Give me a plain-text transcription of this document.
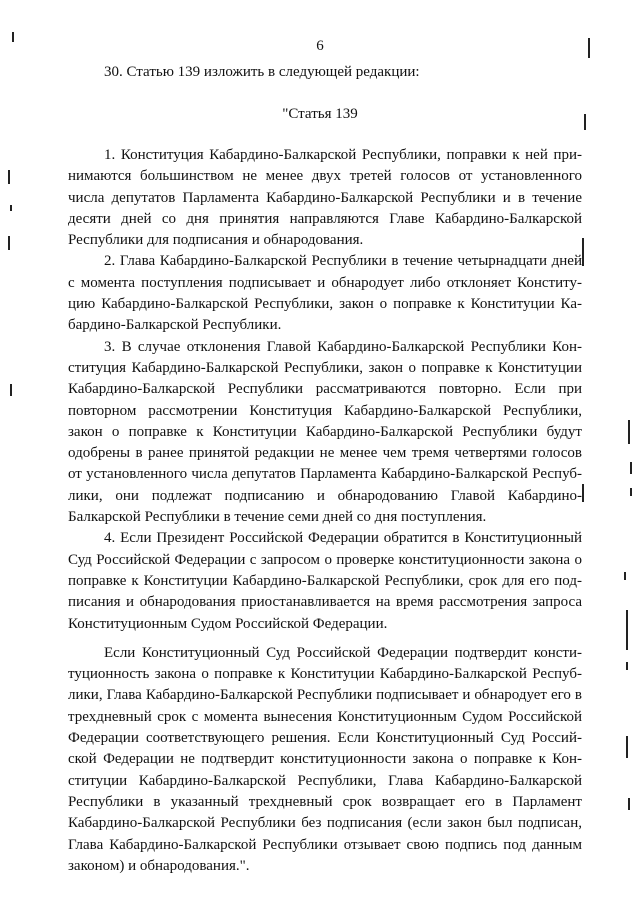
6
30. Статью 139 изложить в следующей редакции:
"Статья 139

1. Конституция Кабардино-Балкарской Республики, поправки к ней принимаются большинством не менее двух третей голосов от установленного числа депутатов Парламента Кабардино-Балкарской Республики и в течение десяти дней со дня принятия направляются Главе Кабардино-Балкарской Республики для подписания и обнародования.

2. Глава Кабардино-Балкарской Республики в течение четырнадцати дней с момента поступления подписывает и обнародует либо отклоняет Конституцию Кабардино-Балкарской Республики, закон о поправке к Конституции Кабардино-Балкарской Республики.

3. В случае отклонения Главой Кабардино-Балкарской Республики Конституция Кабардино-Балкарской Республики, закон о поправке к Конституции Кабардино-Балкарской Республики рассматриваются повторно. Если при повторном рассмотрении Конституция Кабардино-Балкарской Республики, закон о поправке к Конституции Кабардино-Балкарской Республики будут одобрены в ранее принятой редакции не менее чем тремя четвертями голосов от установленного числа депутатов Парламента Кабардино-Балкарской Республики, они подлежат подписанию и обнародованию Главой Кабардино-Балкарской Республики в течение семи дней со дня поступления.

4. Если Президент Российской Федерации обратится в Конституционный Суд Российской Федерации с запросом о проверке конституционности закона о поправке к Конституции Кабардино-Балкарской Республики, срок для его подписания и обнародования приостанавливается на время рассмотрения запроса Конституционным Судом Российской Федерации.

Если Конституционный Суд Российской Федерации подтвердит конституционность закона о поправке к Конституции Кабардино-Балкарской Республики, Глава Кабардино-Балкарской Республики подписывает и обнародует его в трехдневный срок с момента вынесения Конституционным Судом Российской Федерации соответствующего решения. Если Конституционный Суд Российской Федерации не подтвердит конституционности закона о поправке к Конституции Кабардино-Балкарской Республики, Глава Кабардино-Балкарской Республики в указанный трехдневный срок возвращает его в Парламент Кабардино-Балкарской Республики без подписания (если закон был подписан, Глава Кабардино-Балкарской Республики отзывает свою подпись под данным законом) и обнародования.".
